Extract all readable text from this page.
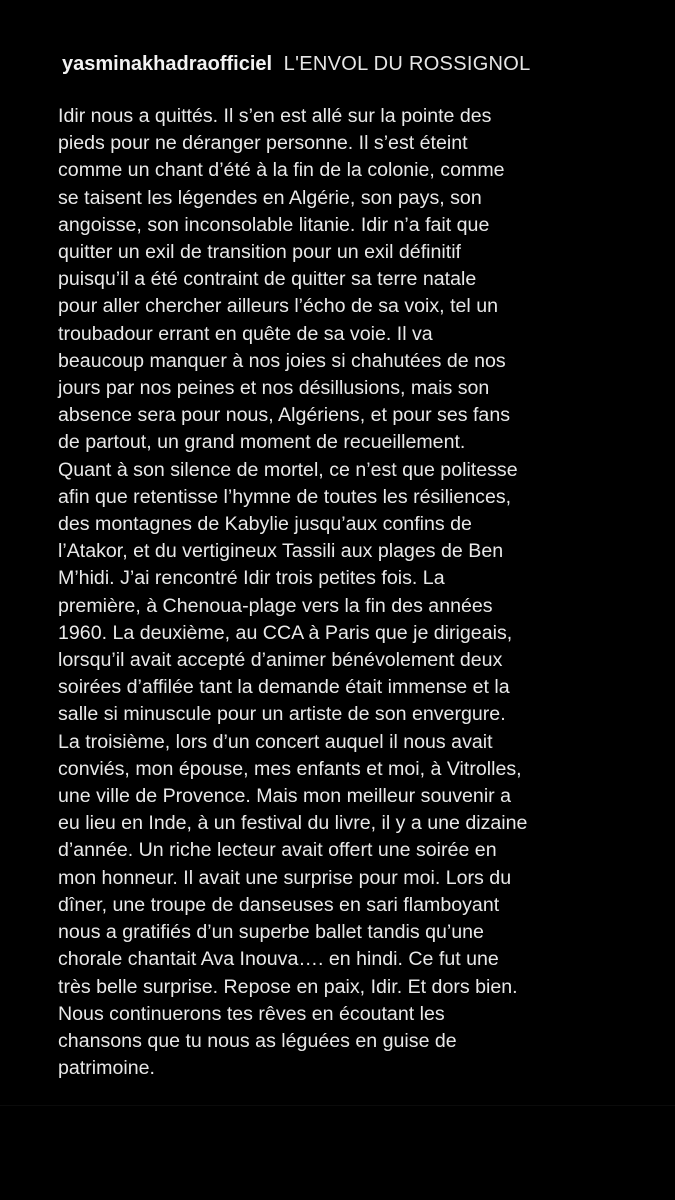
yasminakhadraofficiel L'ENVOL DU ROSSIGNOL

Idir nous a quittés. Il s’en est allé sur la pointe des
pieds pour ne déranger personne. Il s’est éteint
comme un chant d’été à la fin de la colonie, comme
se taisent les légendes en Algérie, son pays, son
angoisse, son inconsolable litanie. Idir n’a fait que
quitter un exil de transition pour un exil définitif
puisqu’il a été contraint de quitter sa terre natale
pour aller chercher ailleurs l’écho de sa voix, tel un
troubadour errant en quête de sa voie. Il va
beaucoup manquer à nos joies si chahutées de nos
jours par nos peines et nos désillusions, mais son
absence sera pour nous, Algériens, et pour ses fans
de partout, un grand moment de recueillement.
Quant à son silence de mortel, ce n’est que politesse
afin que retentisse l’hymne de toutes les résiliences,
des montagnes de Kabylie jusqu’aux confins de
l’Atakor, et du vertigineux Tassili aux plages de Ben
M’hidi. J’ai rencontré Idir trois petites fois. La
première, à Chenoua-plage vers la fin des années
1960. La deuxième, au CCA à Paris que je dirigeais,
lorsqu’il avait accepté d’animer bénévolement deux
soirées d’affilée tant la demande était immense et la
salle si minuscule pour un artiste de son envergure.
La troisième, lors d’un concert auquel il nous avait
conviés, mon épouse, mes enfants et moi, à Vitrolles,
une ville de Provence. Mais mon meilleur souvenir a
eu lieu en Inde, à un festival du livre, il y a une dizaine
d’année. Un riche lecteur avait offert une soirée en
mon honneur. Il avait une surprise pour moi. Lors du
dîner, une troupe de danseuses en sari flamboyant
nous a gratifiés d’un superbe ballet tandis qu’une
chorale chantait Ava Inouva…. en hindi. Ce fut une
très belle surprise. Repose en paix, Idir. Et dors bien.
Nous continuerons tes rêves en écoutant les
chansons que tu nous as léguées en guise de
patrimoine.
